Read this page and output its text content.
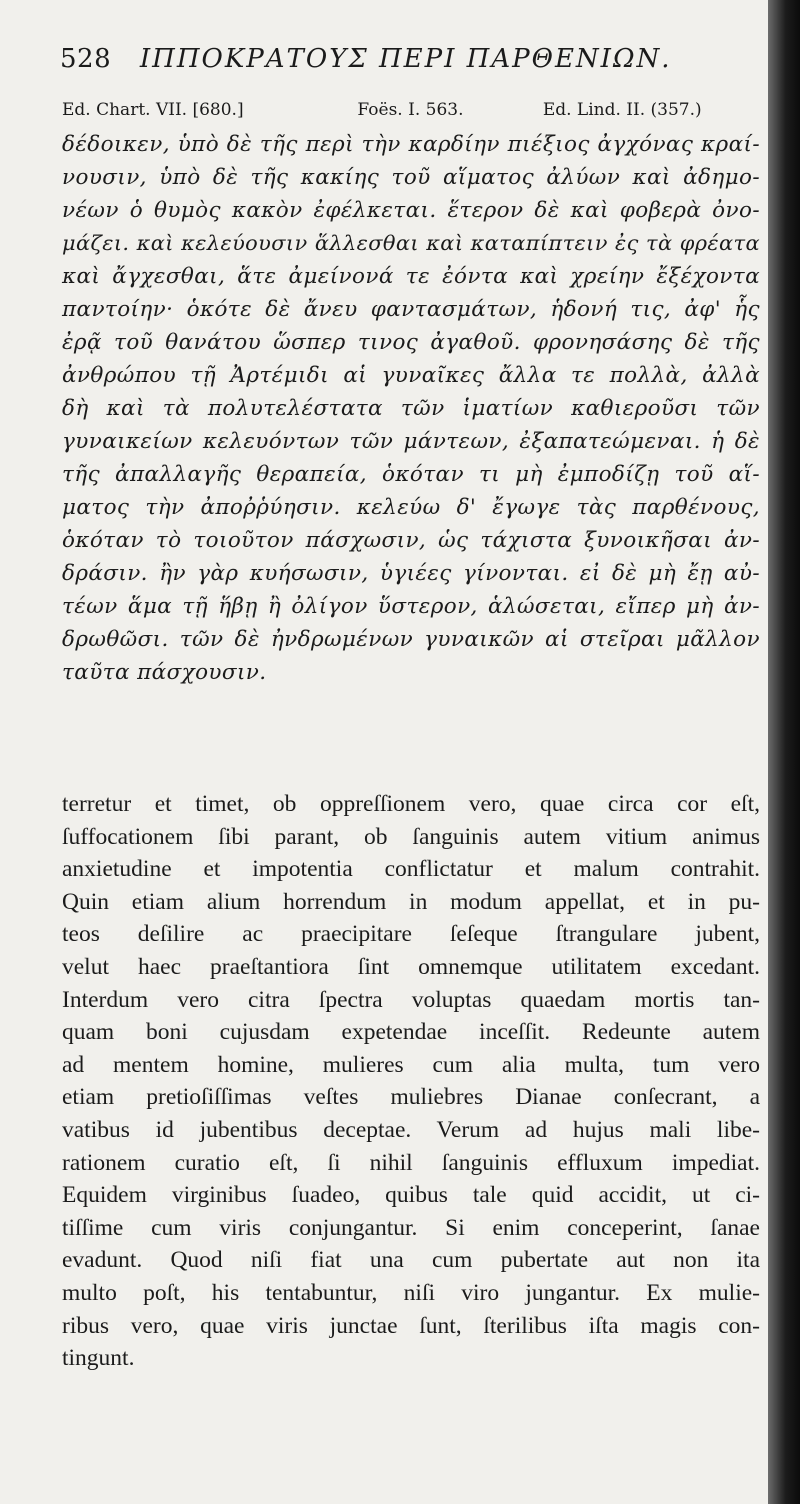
528 ΙΠΠΟΚΡΑΤΟΥΣ ΠΕΡΙ ΠΑΡΘΕΝΙΩΝ.
Ed. Chart. VII. [680.]	Foës. I. 563.	Ed. Lind. II. (357.)
δέδοικεν, ὑπὸ δὲ τῆς περὶ τὴν καρδίην πιέξιος ἀγχόνας κραί-
νουσιν, ὑπὸ δὲ τῆς κακίης τοῦ αἵματος ἀλύων καὶ ἀδημο-
νέων ὁ θυμὸς κακὸν ἐφέλκεται. ἕτερον δὲ καὶ φοβερὰ ὀνο-
μάζει. καὶ κελεύουσιν ἅλλεσθαι καὶ καταπίπτειν ἐς τὰ φρέατα
καὶ ἄγχεσθαι, ἅτε ἀμείνονά τε ἐόντα καὶ χρείην ἔξέχοντα
παντοίην· ὁκότε δὲ ἄνευ φαντασμάτων, ἡδονή τις, ἀφ' ἧς
ἐρᾷ τοῦ θανάτου ὥσπερ τινος ἀγαθοῦ. φρονησάσης δὲ τῆς
ἀνθρώπου τῇ Ἀρτέμιδι αἱ γυναῖκες ἄλλα τε πολλὰ, ἀλλὰ
δὴ καὶ τὰ πολυτελέστατα τῶν ἱματίων καθιεροῦσι τῶν
γυναικείων κελευόντων τῶν μάντεων, ἐξαπατεώμεναι. ἡ δὲ
τῆς ἀπαλλαγῆς θεραπεία, ὁκόταν τι μὴ ἐμποδίζῃ τοῦ αἵ-
ματος τὴν ἀποῤῥύησιν. κελεύω δ' ἔγωγε τὰς παρθένους,
ὁκόταν τὸ τοιοῦτον πάσχωσιν, ὡς τάχιστα ξυνοικῆσαι ἀν-
δράσιν. ἢν γὰρ κυήσωσιν, ὑγιέες γίνονται. εἰ δὲ μὴ ἔῃ αὐ-
τέων ἅμα τῇ ἥβῃ ἢ ὀλίγον ὕστερον, ἁλώσεται, εἴπερ μὴ ἀν-
δρωθῶσι. τῶν δὲ ἠνδρωμένων γυναικῶν αἱ στεῖραι μᾶλλον
ταῦτα πάσχουσιν.
terretur et timet, ob oppreſſionem vero, quae circa cor eſt,
ſuffocationem ſibi parant, ob ſanguinis autem vitium animus
anxietudine et impotentia conflictatur et malum contrahit.
Quin etiam alium horrendum in modum appellat, et in pu-
teos deſilire ac praecipitare ſeſeque ſtrangulare jubent,
velut haec praeſtantiora ſint omnemque utilitatem excedant.
Interdum vero citra ſpectra voluptas quaedam mortis tan-
quam boni cujusdam expetendae inceſſit. Redeunte autem
ad mentem homine, mulieres cum alia multa, tum vero
etiam pretioſiſſimas veſtes muliebres Dianae conſecrant, a
vatibus id jubentibus deceptae. Verum ad hujus mali libe-
rationem curatio eſt, ſi nihil ſanguinis effluxum impediat.
Equidem virginibus ſuadeo, quibus tale quid accidit, ut ci-
tiſſime cum viris conjungantur. Si enim conceperint, ſanae
evadunt. Quod niſi fiat una cum pubertate aut non ita
multo poſt, his tentabuntur, niſi viro jungantur. Ex mulie-
ribus vero, quae viris junctae ſunt, ſterilibus iſta magis con-
tingunt.
